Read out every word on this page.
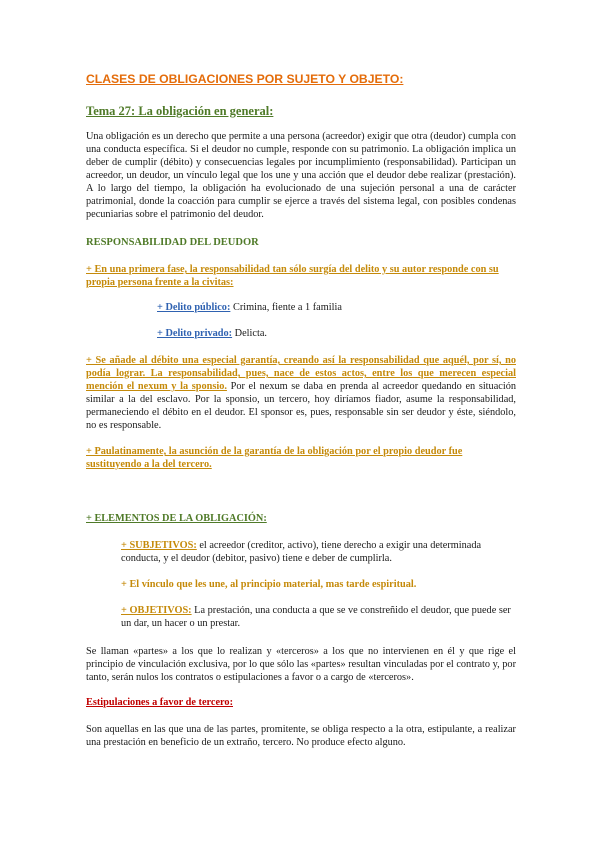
CLASES DE OBLIGACIONES POR SUJETO Y OBJETO:
Tema 27: La obligación en general:
Una obligación es un derecho que permite a una persona (acreedor) exigir que otra (deudor) cumpla con una conducta específica. Si el deudor no cumple, responde con su patrimonio. La obligación implica un deber de cumplir (débito) y consecuencias legales por incumplimiento (responsabilidad). Participan un acreedor, un deudor, un vínculo legal que los une y una acción que el deudor debe realizar (prestación). A lo largo del tiempo, la obligación ha evolucionado de una sujeción personal a una de carácter patrimonial, donde la coacción para cumplir se ejerce a través del sistema legal, con posibles condenas pecuniarias sobre el patrimonio del deudor.
RESPONSABILIDAD DEL DEUDOR
+ En una primera fase, la responsabilidad tan sólo surgía del delito y su autor responde con su propia persona frente a la civitas:
+ Delito público: Crimina, fiente a 1 familia
+ Delito privado: Delicta.
+ Se añade al débito una especial garantía, creando así la responsabilidad que aquél, por sí, no podía lograr. La responsabilidad, pues, nace de estos actos, entre los que merecen especial mención el nexum y la sponsio. Por el nexum se daba en prenda al acreedor quedando en situación similar a la del esclavo. Por la sponsio, un tercero, hoy diríamos fiador, asume la responsabilidad, permaneciendo el débito en el deudor. El sponsor es, pues, responsable sin ser deudor y éste, siéndolo, no es responsable.
+ Paulatinamente, la asunción de la garantía de la obligación por el propio deudor fue sustituyendo a la del tercero.
+ ELEMENTOS DE LA OBLIGACIÓN:
+ SUBJETIVOS: el acreedor (creditor, activo), tiene derecho a exigir una determinada conducta, y el deudor (debitor, pasivo) tiene e deber de cumplirla.
+ El vínculo que les une, al principio material, mas tarde espiritual.
+ OBJETIVOS: La prestación, una conducta a que se ve constreñido el deudor, que puede ser un dar, un hacer o un prestar.
Se llaman «partes» a los que lo realizan y «terceros» a los que no intervienen en él y que rige el principio de vinculación exclusiva, por lo que sólo las «partes» resultan vinculadas por el contrato y, por tanto, serán nulos los contratos o estipulaciones a favor o a cargo de «terceros».
Estipulaciones a favor de tercero:
Son aquellas en las que una de las partes, promitente, se obliga respecto a la otra, estipulante, a realizar una prestación en beneficio de un extraño, tercero. No produce efecto alguno.
